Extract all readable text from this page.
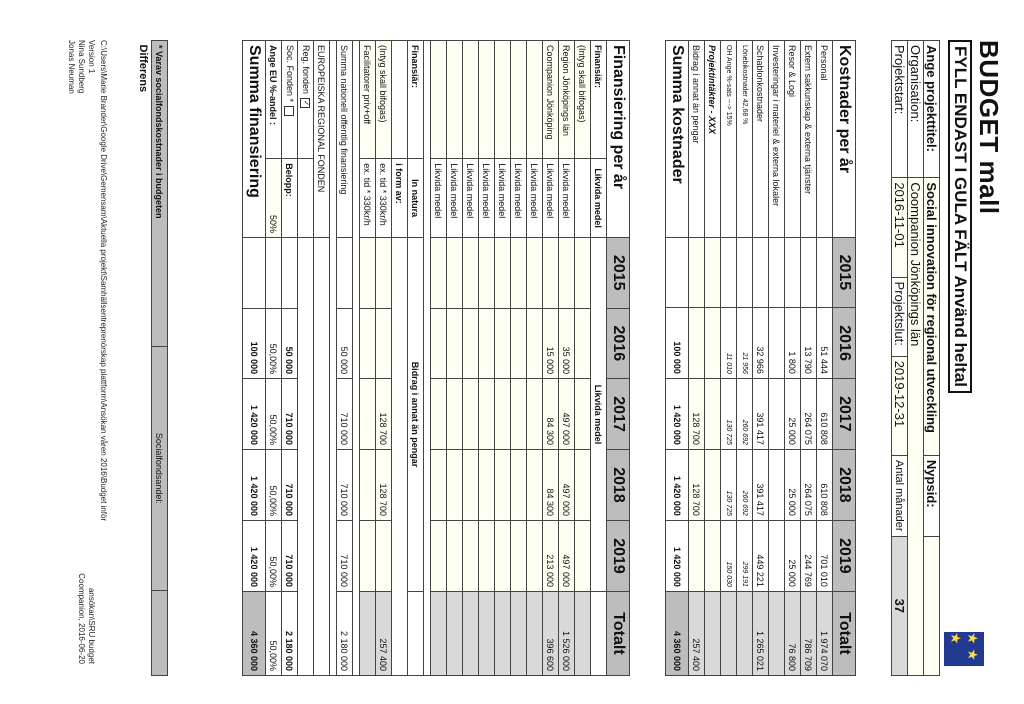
BUDGET mall
FYLL ENDAST I GULA FÄLT Använd heltal
★ ★ ★
Ange projekttitel:	Social innovation för regional utveckling			Nypsid:	
Organisation:	Coompanion Jönköpings län				
Projektstart:	2016-11-01	Projektslut:	2019-12-31	Antal månader	37
Kostnader per år	2015	2016	2017	2018	2019	Totalt
Personal		51 444	610 808	610 808	701 010	1 974 070
Extern sakkunskap & externa tjänster		13 790	264 075	264 075	244 769	786 709
Resor & Logi		1 800	25 000	25 000	25 000	76 800
Investeringar i materiel & externa lokaler						
Schablonkostnader		32 966	391 417	391 417	449 221	1 265 021
Lönebikostnader 42,68 %		21 956	260 692	260 692	299 191	
OH Ange %-sats ---> 15%		11 010	130 725	130 725	150 030	
Projektintäkter - XXX						
Bidrag i annat än pengar			128 700	128 700		257 400
Summa kostnader		100 000	1 420 000	1 420 000	1 420 000	4 360 000
Finansiering per år		2015	2016	2017	2018	2019	Totalt
Finansiär:	Likvida medel	Likvida medel					
(Intyg skall bifogas)							
Region Jönköpings län	Likvida medel		35 000	497 000	497 000	497 000	1 526 000
Coompanion Jönköping	Likvida medel		15 000	84 300	84 300	213 000	396 600
	Likvida medel						
	Likvida medel						
	Likvida medel						
	Likvida medel						
	Likvida medel						
	Likvida medel						
	Likvida medel						

Finansiär:	In natura	Bidrag i annat än pengar					
	i form av:						
(Intyg skall bifogas)	ex. tid * 330kr/h			128 700	128 700		257 400
Facilitatorer priv+off	ex. tid * 330kr/h						

Summa nationell offentlig finansiering			50 000	710 000	710 000	710 000	2 180 000

EUROPEISKA REGIONAL FONDEN							
Reg. fonden✓							
Soc. Fonden *	Belopp:		50 000	710 000	710 000	710 000	2 180 000
Ange EU %-andel :	50%		50,00%	50,00%	50,00%	50,00%	50,00%
Summa finansiering			100 000	1 420 000	1 420 000	1 420 000	4 360 000

* Varav socialfondskostnader i budgeten	Socialfondsandel:	
Differens
C:\Users\Marie Brander\Google Drive\Gemensam\Aktuella projekt\Samhällsentreprenörskap plattform\Ansökan våren 2016\Budget inför
Version 1
Nina Sundberg
Jonas Neuman
ansökan\SRU budget
Coompanion, 2016-06-20
